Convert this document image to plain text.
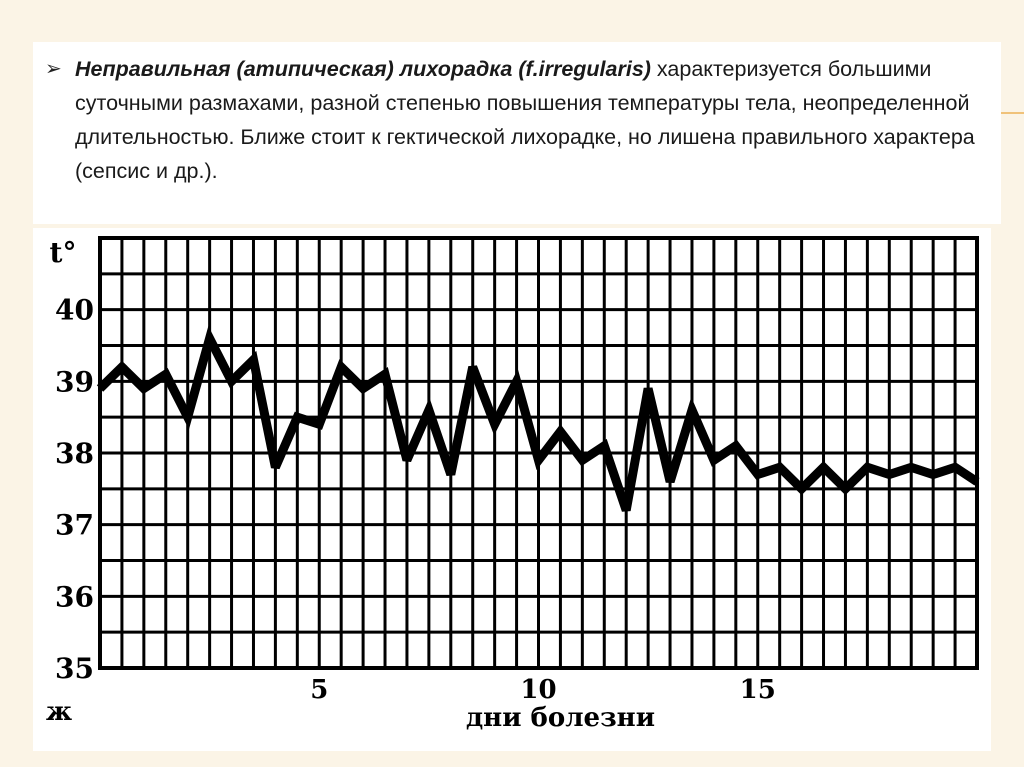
➢ Неправильная (атипическая) лихорадка (f.irregularis) характеризуется большими суточными размахами, разной степенью повышения температуры тела, неопределенной длительностью. Ближе стоит к гектической лихорадке, но лишена правильного характера (сепсис и др.).
35
36
37
38
39
40
t°
5	10	15
ж	дни болезни
